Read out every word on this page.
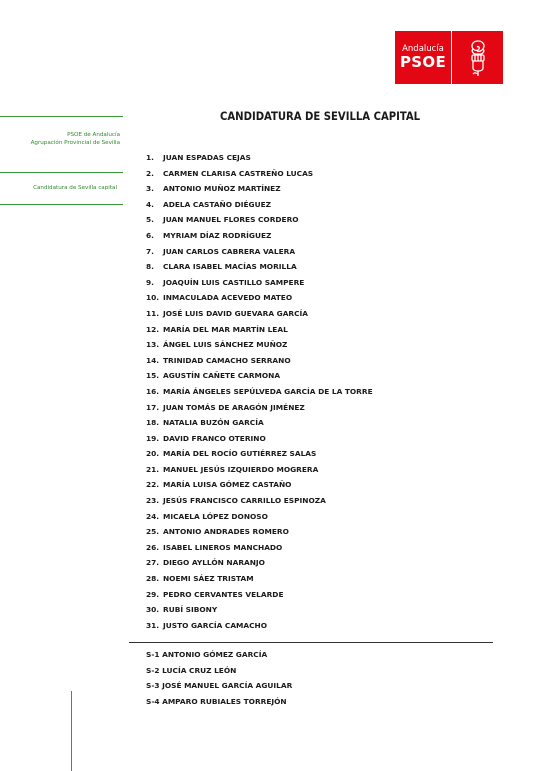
Andalucía
PSOE
PSOE de Andalucía
Agrupación Provincial de Sevilla
Candidatura de Sevilla capital
CANDIDATURA DE SEVILLA CAPITAL
1.	JUAN ESPADAS CEJAS
2.	CARMEN CLARISA CASTREÑO LUCAS
3.	ANTONIO MUÑOZ MARTÍNEZ
4.	ADELA CASTAÑO DIÉGUEZ
5.	JUAN MANUEL FLORES CORDERO
6.	MYRIAM DÍAZ RODRÍGUEZ
7.	JUAN CARLOS CABRERA VALERA
8.	CLARA ISABEL MACÍAS MORILLA
9.	JOAQUÍN LUIS CASTILLO SAMPERE
10. INMACULADA ACEVEDO MATEO
11. JOSÉ LUIS DAVID GUEVARA GARCÍA
12. MARÍA DEL MAR MARTÍN LEAL
13. ÁNGEL LUIS SÁNCHEZ MUÑOZ
14. TRINIDAD CAMACHO SERRANO
15. AGUSTÍN CAÑETE CARMONA
16. MARÍA ÁNGELES SEPÚLVEDA GARCÍA DE LA TORRE
17. JUAN TOMÁS DE ARAGÓN JIMÉNEZ
18. NATALIA BUZÓN GARCÍA
19. DAVID FRANCO OTERINO
20. MARÍA DEL ROCÍO GUTIÉRREZ SALAS
21. MANUEL JESÚS IZQUIERDO MOGRERA
22. MARÍA LUISA GÓMEZ CASTAÑO
23. JESÚS FRANCISCO CARRILLO ESPINOZA
24. MICAELA LÓPEZ DONOSO
25. ANTONIO ANDRADES ROMERO
26. ISABEL LINEROS MANCHADO
27. DIEGO AYLLÓN NARANJO
28. NOEMI SÁEZ TRISTAM
29. PEDRO CERVANTES VELARDE
30. RUBÍ SIBONY
31. JUSTO GARCÍA CAMACHO
S-1 ANTONIO GÓMEZ GARCÍA
S-2 LUCÍA CRUZ LEÓN
S-3 JOSÉ MANUEL GARCÍA AGUILAR
S-4 AMPARO RUBIALES TORREJÓN
